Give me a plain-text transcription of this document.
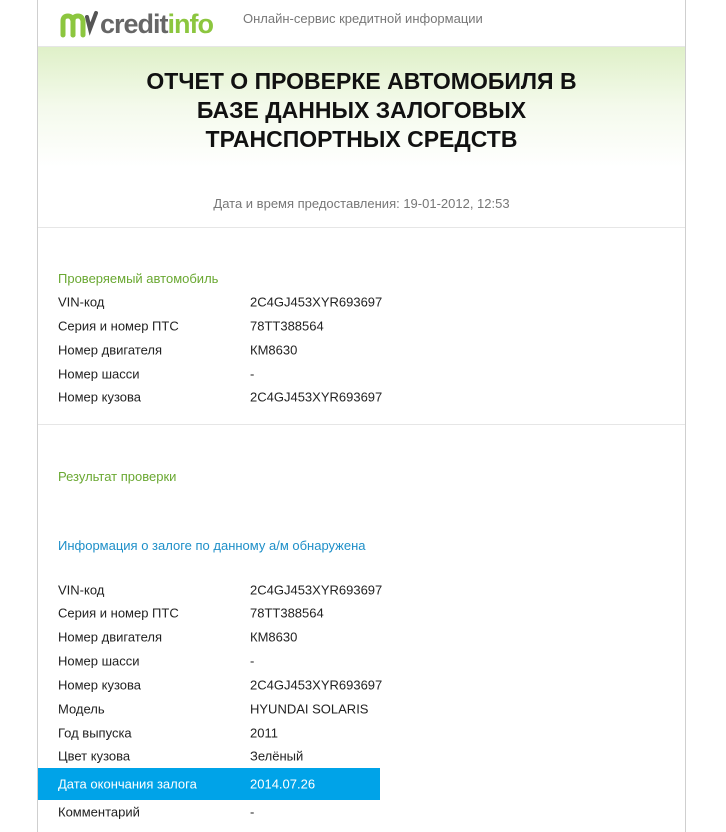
credit info Онлайн-сервис кредитной информации
ОТЧЕТ О ПРОВЕРКЕ АВТОМОБИЛЯ В БАЗЕ ДАННЫХ ЗАЛОГОВЫХ ТРАНСПОРТНЫХ СРЕДСТВ
Дата и время предоставления: 19-01-2012, 12:53
Проверяемый автомобиль
VIN-код	2C4GJ453XYR693697
Серия и номер ПТС	78ТТ388564
Номер двигателя	КМ8630
Номер шасси	-
Номер кузова	2C4GJ453XYR693697
Результат проверки
Информация о залоге по данному а/м обнаружена
VIN-код	2C4GJ453XYR693697
Серия и номер ПТС	78ТТ388564
Номер двигателя	КМ8630
Номер шасси	-
Номер кузова	2C4GJ453XYR693697
Модель	HYUNDAI SOLARIS
Год выпуска	2011
Цвет кузова	Зелёный
Дата окончания залога	2014.07.26
Комментарий	-
